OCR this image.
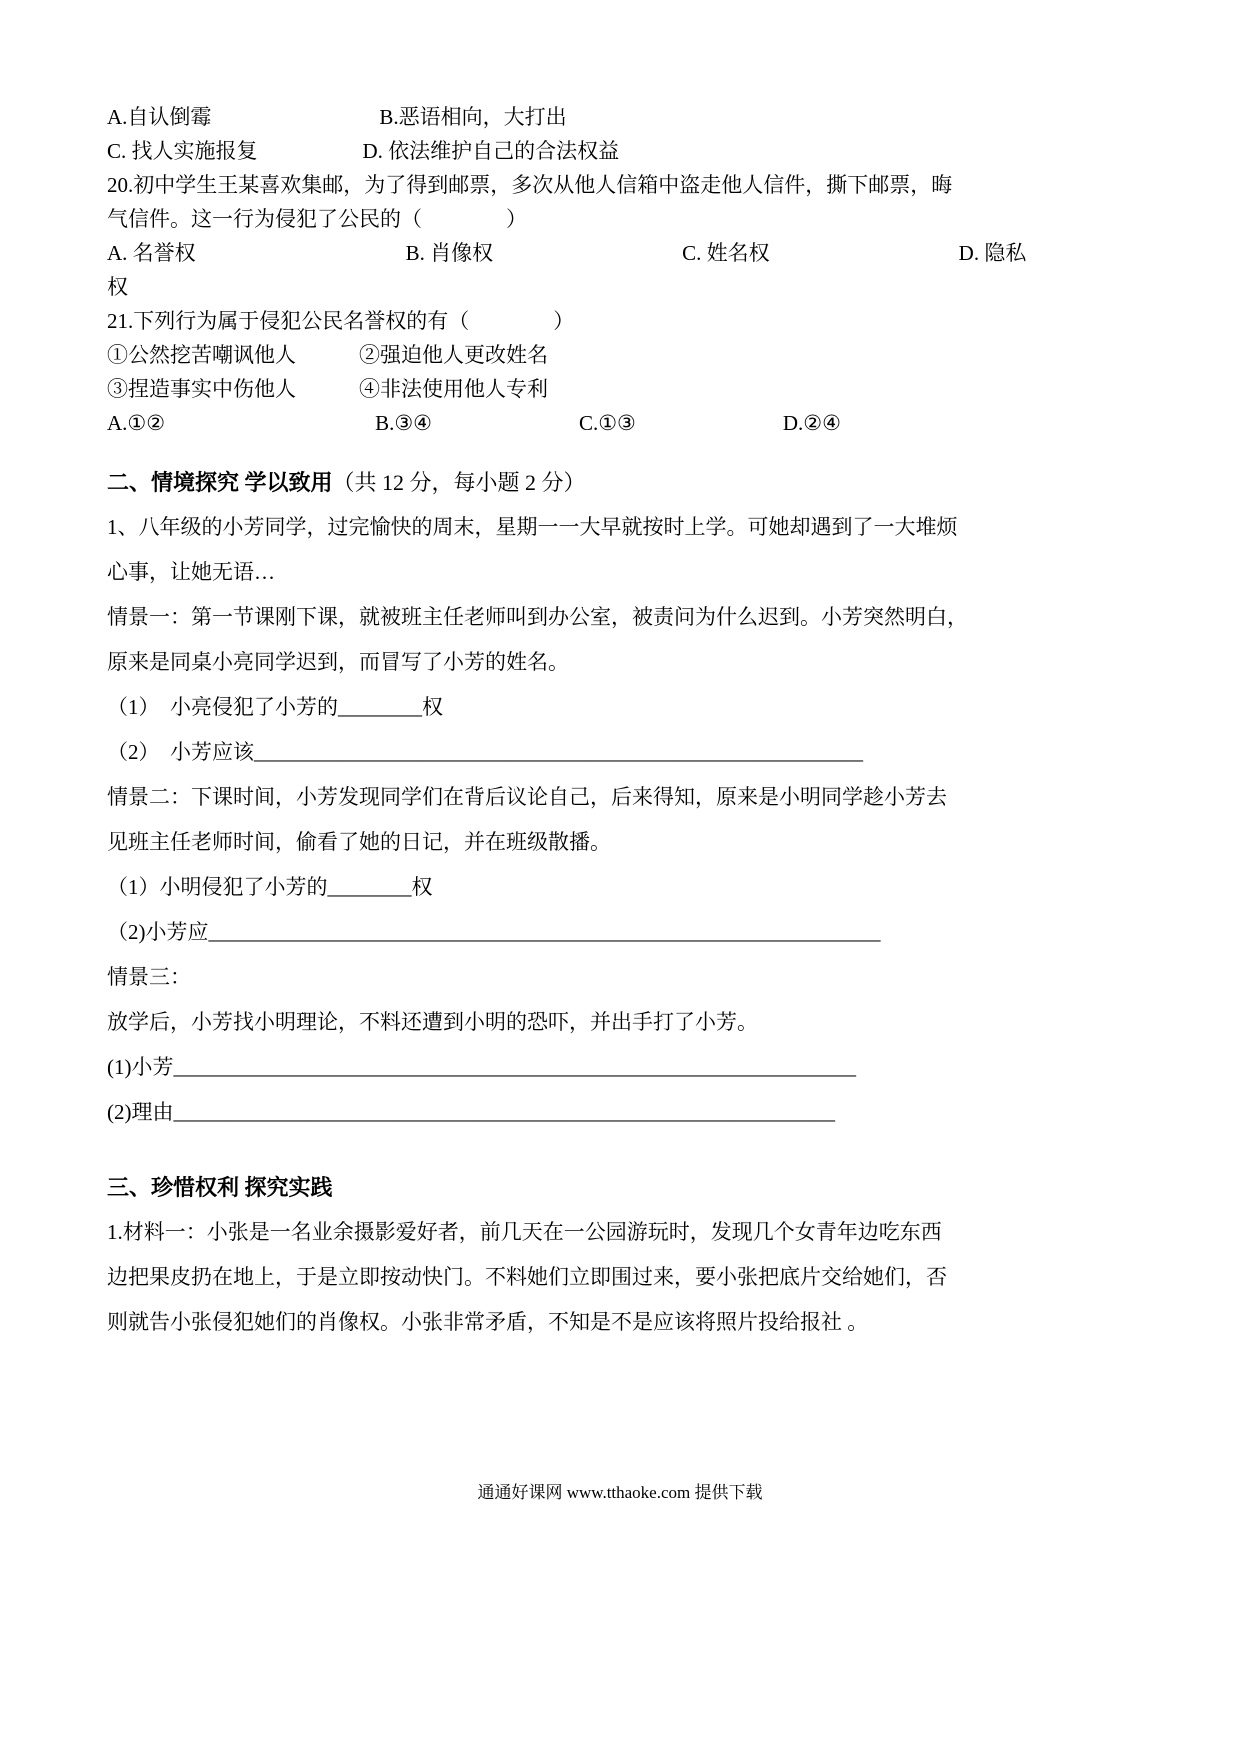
A.自认倒霉　　　　　　　　B.恶语相向，大打出
C. 找人实施报复　　　　　D. 依法维护自己的合法权益
20.初中学生王某喜欢集邮，为了得到邮票，多次从他人信箱中盗走他人信件，撕下邮票，晦
气信件。这一行为侵犯了公民的（　　　　）
A. 名誉权　　　　　　　　　　B. 肖像权　　　　　　　　　C. 姓名权　　　　　　　　　D. 隐私
权
21.下列行为属于侵犯公民名誉权的有（　　　　）
①公然挖苦嘲讽他人　　　②强迫他人更改姓名
③捏造事实中伤他人　　　④非法使用他人专利
A.①②　　　　　　　　　　B.③④　　　　　　　C.①③　　　　　　　D.②④
二、情境探究 学以致用（共 12 分，每小题 2 分）
1、八年级的小芳同学，过完愉快的周末，星期一一大早就按时上学。可她却遇到了一大堆烦
心事，让她无语…
情景一：第一节课刚下课，就被班主任老师叫到办公室，被责问为什么迟到。小芳突然明白，
原来是同桌小亮同学迟到，而冒写了小芳的姓名。
（1）  小亮侵犯了小芳的________权
（2）  小芳应该__________________________________________________________
情景二：下课时间，小芳发现同学们在背后议论自己，后来得知，原来是小明同学趁小芳去
见班主任老师时间，偷看了她的日记，并在班级散播。
（1）小明侵犯了小芳的________权
（2)小芳应________________________________________________________________
情景三：
放学后，小芳找小明理论，不料还遭到小明的恐吓，并出手打了小芳。
(1)小芳_________________________________________________________________
(2)理由_______________________________________________________________
三、珍惜权利 探究实践
1.材料一：小张是一名业余摄影爱好者，前几天在一公园游玩时，发现几个女青年边吃东西
边把果皮扔在地上，于是立即按动快门。不料她们立即围过来，要小张把底片交给她们，否
则就告小张侵犯她们的肖像权。小张非常矛盾，不知是不是应该将照片投给报社 。
通通好课网 www.tthaoke.com 提供下载
